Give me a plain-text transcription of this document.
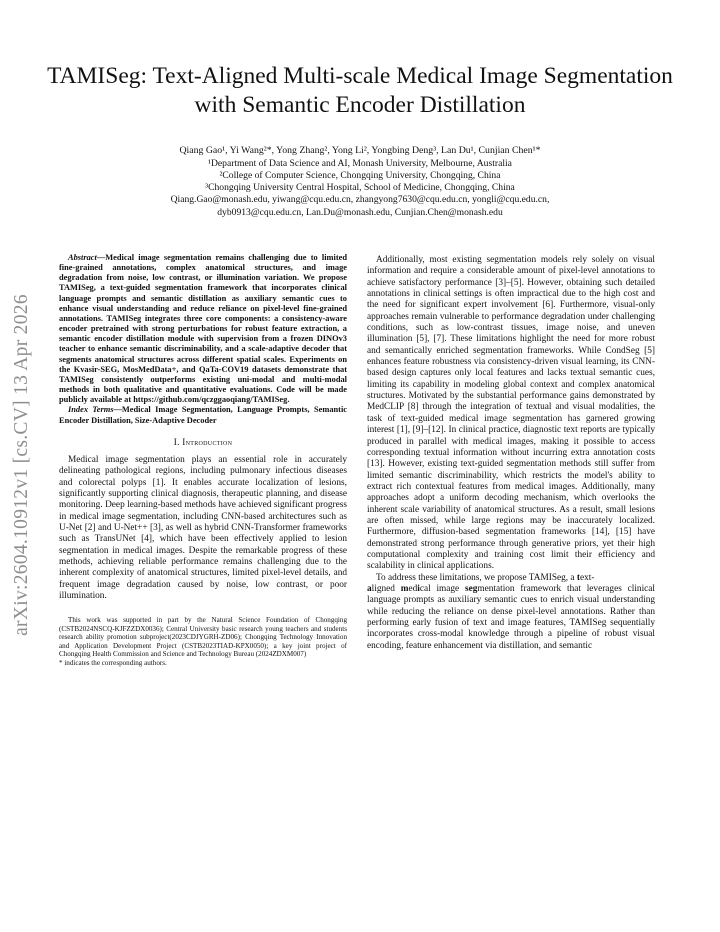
arXiv:2604.10912v1 [cs.CV] 13 Apr 2026
TAMISeg: Text-Aligned Multi-scale Medical Image Segmentation with Semantic Encoder Distillation
Qiang Gao¹, Yi Wang²*, Yong Zhang², Yong Li², Yongbing Deng³, Lan Du¹, Cunjian Chen¹*
¹Department of Data Science and AI, Monash University, Melbourne, Australia
²College of Computer Science, Chongqing University, Chongqing, China
³Chongqing University Central Hospital, School of Medicine, Chongqing, China
Qiang.Gao@monash.edu, yiwang@cqu.edu.cn, zhangyong7630@cqu.edu.cn, yongli@cqu.edu.cn,
dyb0913@cqu.edu.cn, Lan.Du@monash.edu, Cunjian.Chen@monash.edu

Abstract—Medical image segmentation remains challenging due to limited fine-grained annotations, complex anatomical structures, and image degradation from noise, low contrast, or illumination variation. We propose TAMISeg, a text-guided segmentation framework that incorporates clinical language prompts and semantic distillation as auxiliary semantic cues to enhance visual understanding and reduce reliance on pixel-level fine-grained annotations. TAMISeg integrates three core components: a consistency-aware encoder pretrained with strong perturbations for robust feature extraction, a semantic encoder distillation module with supervision from a frozen DINOv3 teacher to enhance semantic discriminability, and a scale-adaptive decoder that segments anatomical structures across different spatial scales. Experiments on the Kvasir-SEG, MosMedData+, and QaTa-COV19 datasets demonstrate that TAMISeg consistently outperforms existing uni-modal and multi-modal methods in both qualitative and quantitative evaluations. Code will be made publicly available at https://github.com/qczggaoqiang/TAMISeg.

Index Terms—Medical Image Segmentation, Language Prompts, Semantic Encoder Distillation, Size-Adaptive Decoder

I. Introduction

Medical image segmentation plays an essential role in accurately delineating pathological regions, including pulmonary infectious diseases and colorectal polyps [1]. It enables accurate localization of lesions, significantly supporting clinical diagnosis, therapeutic planning, and disease monitoring. Deep learning-based methods have achieved significant progress in medical image segmentation, including CNN-based architectures such as U-Net [2] and U-Net++ [3], as well as hybrid CNN-Transformer frameworks such as TransUNet [4], which have been effectively applied to lesion segmentation in medical images. Despite the remarkable progress of these methods, achieving reliable performance remains challenging due to the inherent complexity of anatomical structures, limited pixel-level details, and frequent image degradation caused by noise, low contrast, or poor illumination.

This work was supported in part by the Natural Science Foundation of Chongqing (CSTB2024NSCQ-KJFZZDX0036); Central University basic research young teachers and students research ability promotion subproject(2023CDJYGRH-ZD06); Chongqing Technology Innovation and Application Development Project (CSTB2023TIAD-KPX0050); a key joint project of Chongqing Health Commission and Science and Technology Bureau (2024ZDXM007)

* indicates the corresponding authors.

Additionally, most existing segmentation models rely solely on visual information and require a considerable amount of pixel-level annotations to achieve satisfactory performance [3]–[5]. However, obtaining such detailed annotations in clinical settings is often impractical due to the high cost and the need for significant expert involvement [6]. Furthermore, visual-only approaches remain vulnerable to performance degradation under challenging conditions, such as low-contrast tissues, image noise, and uneven illumination [5], [7]. These limitations highlight the need for more robust and semantically enriched segmentation frameworks. While CondSeg [5] enhances feature robustness via consistency-driven visual learning, its CNN-based design captures only local features and lacks textual semantic cues, limiting its capability in modeling global context and complex anatomical structures. Motivated by the substantial performance gains demonstrated by MedCLIP [8] through the integration of textual and visual modalities, the task of text-guided medical image segmentation has garnered growing interest [1], [9]–[12]. In clinical practice, diagnostic text reports are typically produced in parallel with medical images, making it possible to access corresponding textual information without incurring extra annotation costs [13]. However, existing text-guided segmentation methods still suffer from limited semantic discriminability, which restricts the model's ability to extract rich contextual features from medical images. Additionally, many approaches adopt a uniform decoding mechanism, which overlooks the inherent scale variability of anatomical structures. As a result, small lesions are often missed, while large regions may be inaccurately localized. Furthermore, diffusion-based segmentation frameworks [14], [15] have demonstrated strong performance through generative priors, yet their high computational complexity and training cost limit their efficiency and scalability in clinical applications.

To address these limitations, we propose TAMISeg, a text-
aligned medical image segmentation framework that leverages clinical language prompts as auxiliary semantic cues to enrich visual understanding while reducing the reliance on dense pixel-level annotations. Rather than performing early fusion of text and image features, TAMISeg sequentially incorporates cross-modal knowledge through a pipeline of robust visual encoding, feature enhancement via distillation, and semantic
